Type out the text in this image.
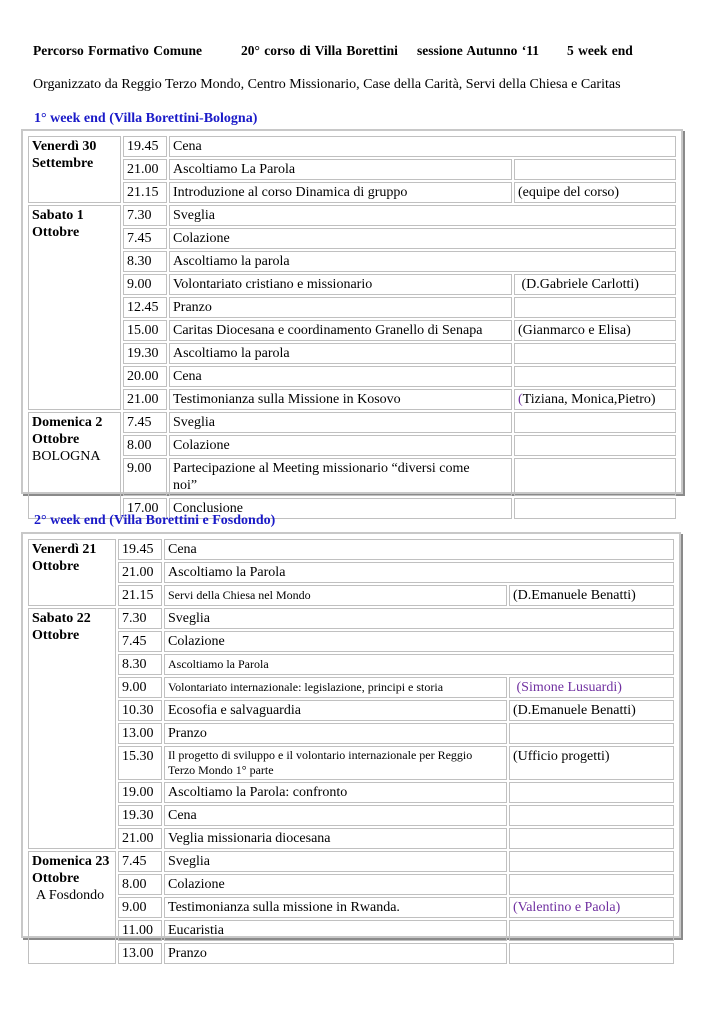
Percorso Formativo Comune	20° corso di Villa Borettini sessione Autunno ‘11 5 week end
Organizzato da Reggio Terzo Mondo, Centro Missionario, Case della Carità, Servi della Chiesa e Caritas
1° week end (Villa Borettini-Bologna)
Venerdì 30
Settembre	19.45	Cena	
	21.00	Ascoltiamo La Parola	
	21.15	Introduzione al corso Dinamica di gruppo	(equipe del corso)
Sabato 1
Ottobre	7.30	Sveglia	
	7.45	Colazione	
	8.30	Ascoltiamo la parola	
	9.00	Volontariato cristiano e missionario	(D.Gabriele Carlotti)
	12.45	Pranzo	
	15.00	Caritas Diocesana e coordinamento Granello di Senapa	(Gianmarco e Elisa)
	19.30	Ascoltiamo la parola	
	20.00	Cena	
	21.00	Testimonianza sulla Missione in Kosovo	(Tiziana, Monica,Pietro)
Domenica 2
Ottobre
BOLOGNA	7.45	Sveglia	
	8.00	Colazione	
	9.00	Partecipazione al Meeting missionario “diversi come noi”	
	17.00	Conclusione	
2° week end (Villa Borettini e Fosdondo)
Venerdì 21
Ottobre	19.45	Cena	
	21.00	Ascoltiamo la Parola	
	21.15	Servi della Chiesa nel Mondo	(D.Emanuele Benatti)
Sabato 22
Ottobre	7.30	Sveglia	
	7.45	Colazione	
	8.30	Ascoltiamo la Parola	
	9.00	Volontariato internazionale: legislazione, principi e storia	(Simone Lusuardi)
	10.30	Ecosofia e salvaguardia	(D.Emanuele Benatti)
	13.00	Pranzo	
	15.30	Il progetto di sviluppo e il volontario internazionale per Reggio Terzo Mondo 1° parte	(Ufficio progetti)
	19.00	Ascoltiamo la Parola: confronto	
	19.30	Cena	
	21.00	Veglia missionaria diocesana	
Domenica 23
Ottobre
A Fosdondo	7.45	Sveglia	
	8.00	Colazione	
	9.00	Testimonianza sulla missione in Rwanda.	(Valentino e Paola)
	11.00	Eucaristia	
	13.00	Pranzo	
